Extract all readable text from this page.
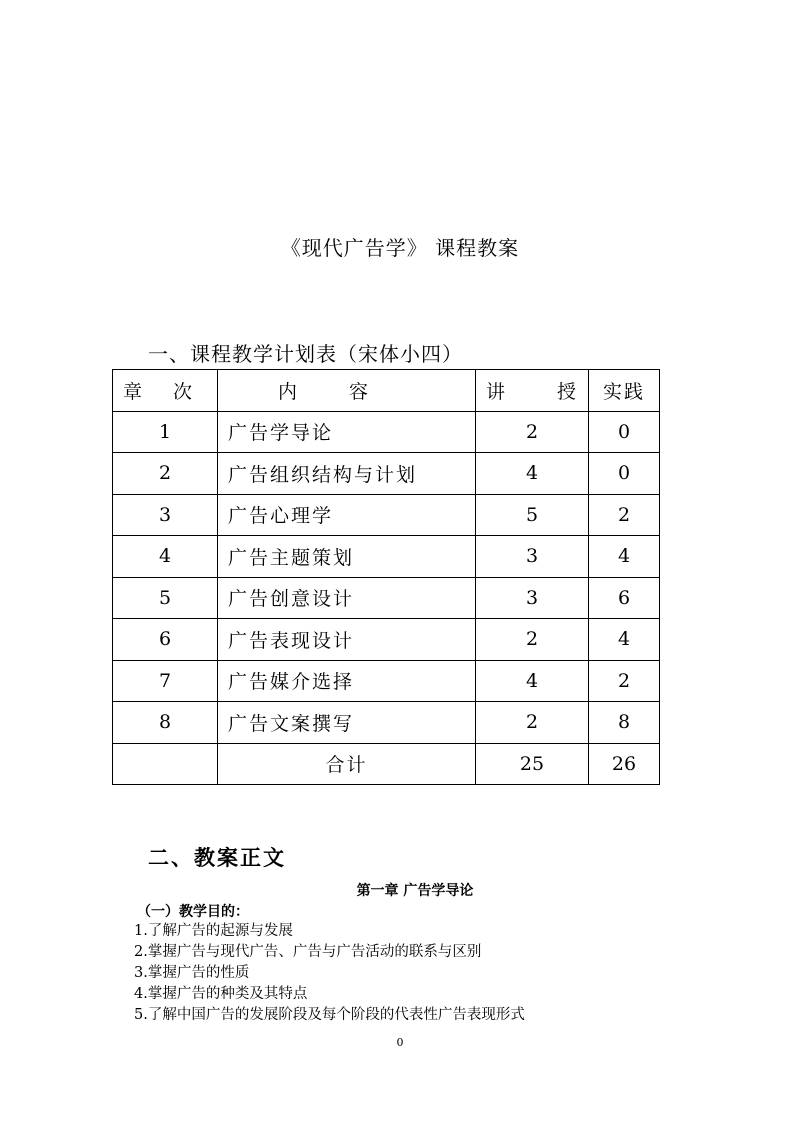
《现代广告学》 课程教案
一、课程教学计划表（宋体小四）
章　 次	内　　 容	讲　　 授	实践
1	广告学导论	2	0
2	广告组织结构与计划	4	0
3	广告心理学	5	2
4	广告主题策划	3	4
5	广告创意设计	3	6
6	广告表现设计	2	4
7	广告媒介选择	4	2
8	广告文案撰写	2	8
	合计	25	26
二、教案正文
第一章 广告学导论
（一）教学目的：
1.了解广告的起源与发展
2.掌握广告与现代广告、广告与广告活动的联系与区别
3.掌握广告的性质
4.掌握广告的种类及其特点
5.了解中国广告的发展阶段及每个阶段的代表性广告表现形式
0
